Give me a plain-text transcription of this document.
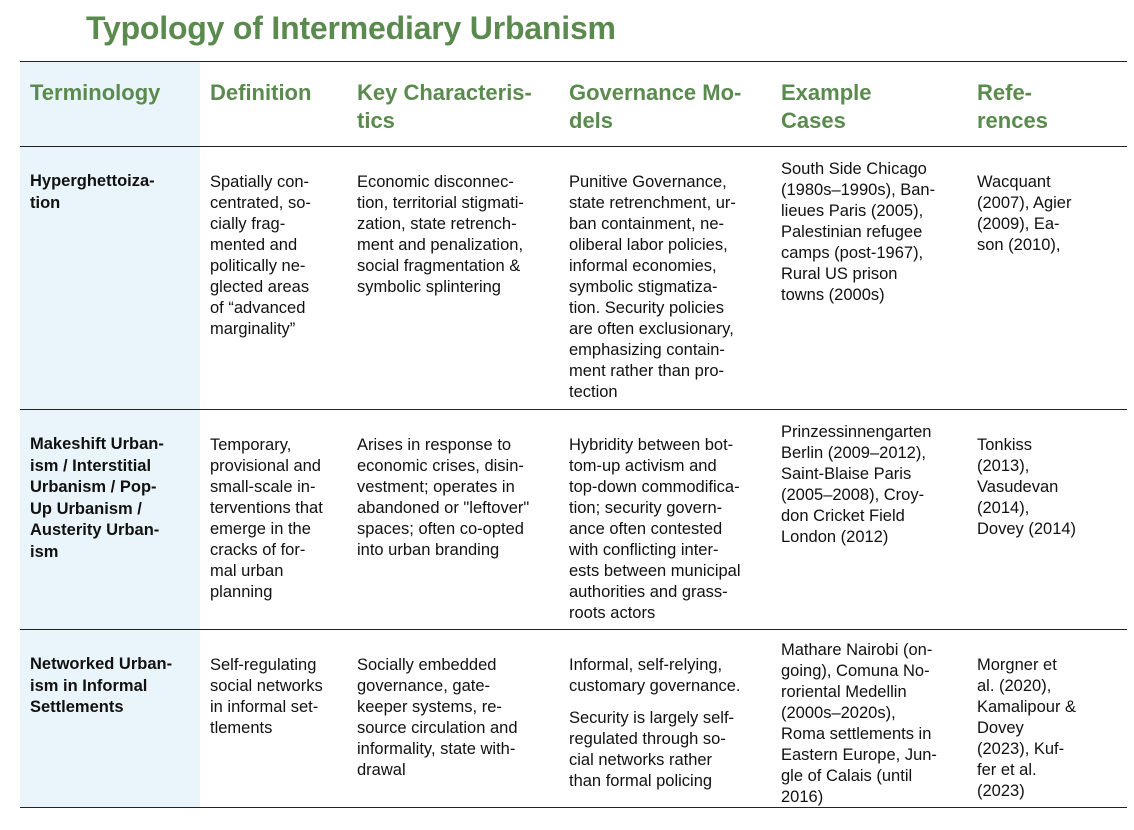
Typology of Intermediary Urbanism
Terminology	Definition	Key Characteris-
tics
Governance Mo-
dels
Example
Cases
Refe-
rences
Hyperghettoiza-
tion
Spatially con-
centrated, so-
cially frag-
mented and
politically ne-
glected areas
of “advanced
marginality”
Economic disconnec-
tion, territorial stigmati-
zation, state retrench-
ment and penalization,
social fragmentation &
symbolic splintering

Punitive Governance,
state retrenchment, ur-
ban containment, ne-
oliberal labor policies,
informal economies,
symbolic stigmatiza-
tion. Security policies
are often exclusionary,
emphasizing contain-
ment rather than pro-
tection

South Side Chicago
(1980s–1990s), Ban-
lieues Paris (2005),
Palestinian refugee
camps (post-1967),
Rural US prison
towns (2000s)
Wacquant
(2007), Agier
(2009), Ea-
son (2010),
Makeshift Urban-
ism / Interstitial
Urbanism / Pop-
Up Urbanism /
Austerity Urban-
ism
Temporary,
provisional and
small-scale in-
terventions that
emerge in the
cracks of for-
mal urban
planning
Arises in response to
economic crises, disin-
vestment; operates in
abandoned or "leftover"
spaces; often co-opted
into urban branding

Hybridity between bot-
tom-up activism and
top-down commodifica-
tion; security govern-
ance often contested
with conflicting inter-
ests between municipal
authorities and grass-
roots actors

Prinzessinnengarten
Berlin (2009–2012),
Saint-Blaise Paris
(2005–2008), Croy-
don Cricket Field
London (2012)
Tonkiss
(2013),
Vasudevan
(2014),
Dovey (2014)
Networked Urban-
ism in Informal
Settlements
Self-regulating
social networks
in informal set-
tlements
Socially embedded
governance, gate-
keeper systems, re-
source circulation and
informality, state with-
drawal

Informal, self-relying,
customary governance.

Security is largely self-
regulated through so-
cial networks rather
than formal policing

Mathare Nairobi (on-
going), Comuna No-
roriental Medellin
(2000s–2020s),
Roma settlements in
Eastern Europe, Jun-
gle of Calais (until
2016)
Morgner et
al. (2020),
Kamalipour &
Dovey
(2023), Kuf-
fer et al.
(2023)
